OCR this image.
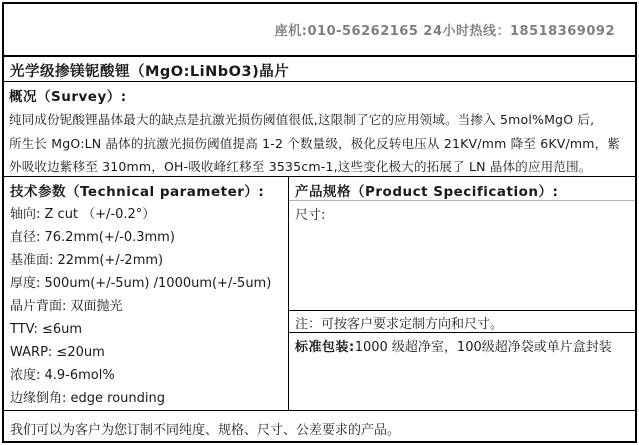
座机:010-56262165 24小时热线：18518369092
光学级掺镁铌酸锂（MgO:LiNbO3)晶片
概况（Survey）:
纯同成份铌酸锂晶体最大的缺点是抗激光损伤阈值很低,这限制了它的应用领域。当掺入 5mol%MgO 后,
所生长 MgO:LN 晶体的抗激光损伤阈值提高 1-2 个数量级，极化反转电压从 21KV/mm 降至 6KV/mm，紫
外吸收边紫移至 310mm，OH-吸收峰红移至 3535cm-1,这些变化极大的拓展了 LN 晶体的应用范围。
技术参数（Technical parameter）:
轴向: Z cut （+/-0.2°）
直径: 76.2mm(+/-0.3mm)
基准面: 22mm(+/-2mm)
厚度: 500um(+/-5um) /1000um(+/-5um)
晶片背面: 双面抛光
TTV: ≤6um
WARP: ≤20um
浓度: 4.9-6mol%
边缘倒角: edge rounding
产品规格（Product Specification）:
尺寸:
注：可按客户要求定制方向和尺寸。
标准包装:1000 级超净室，100级超净袋或单片盒封装
我们可以为客户为您订制不同纯度、规格、尺寸、公差要求的产品。
